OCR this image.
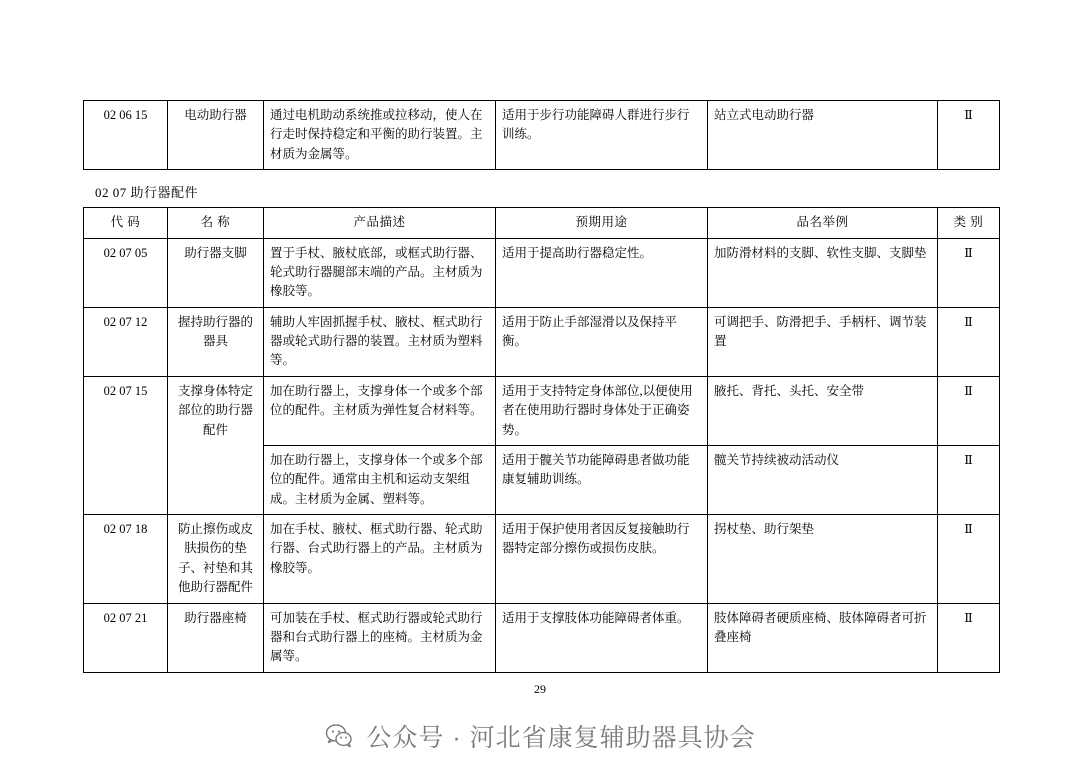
02 06 15	电动助行器	通过电机助动系统推或拉移动，使人在行走时保持稳定和平衡的助行装置。主材质为金属等。	适用于步行功能障碍人群进行步行训练。	站立式电动助行器	Ⅱ
02 07 助行器配件
代 码	名 称	产品描述	预期用途	品名举例	类 别
02 07 05	助行器支脚	置于手杖、腋杖底部，或框式助行器、轮式助行器腿部末端的产品。主材质为橡胶等。	适用于提高助行器稳定性。	加防滑材料的支脚、软性支脚、支脚垫	Ⅱ
02 07 12	握持助行器的器具	辅助人牢固抓握手杖、腋杖、框式助行器或轮式助行器的装置。主材质为塑料等。	适用于防止手部湿滑以及保持平衡。	可调把手、防滑把手、手柄杆、调节装置	Ⅱ
02 07 15	支撑身体特定部位的助行器配件	加在助行器上，支撑身体一个或多个部位的配件。主材质为弹性复合材料等。	适用于支持特定身体部位,以便使用者在使用助行器时身体处于正确姿势。	腋托、背托、头托、安全带	Ⅱ
		加在助行器上，支撑身体一个或多个部位的配件。通常由主机和运动支架组成。主材质为金属、塑料等。	适用于髋关节功能障碍患者做功能康复辅助训练。	髋关节持续被动活动仪	Ⅱ
02 07 18	防止擦伤或皮肤损伤的垫子、衬垫和其他助行器配件	加在手杖、腋杖、框式助行器、轮式助行器、台式助行器上的产品。主材质为橡胶等。	适用于保护使用者因反复接触助行器特定部分擦伤或损伤皮肤。	拐杖垫、助行架垫	Ⅱ
02 07 21	助行器座椅	可加装在手杖、框式助行器或轮式助行器和台式助行器上的座椅。主材质为金属等。	适用于支撑肢体功能障碍者体重。	肢体障碍者硬质座椅、肢体障碍者可折叠座椅	Ⅱ
29
公众号 · 河北省康复辅助器具协会
